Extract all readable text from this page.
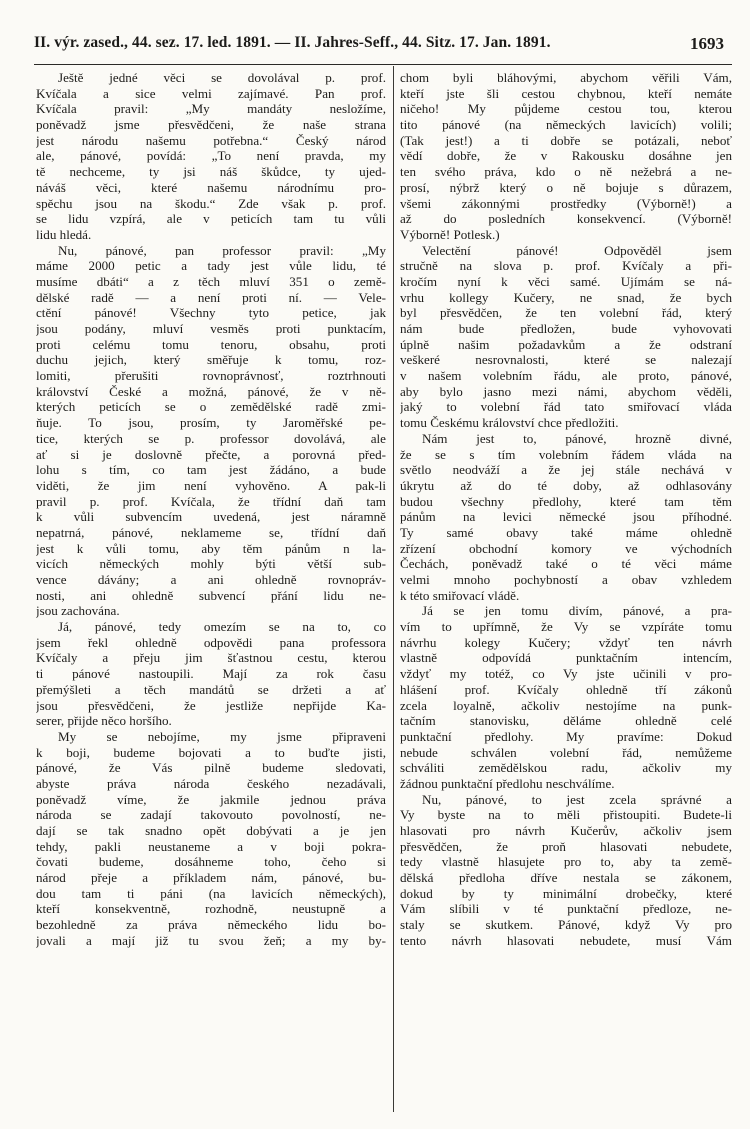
II. výr. zased., 44. sez. 17. led. 1891. — II. Jahres-Seff., 44. Sitz. 17. Jan. 1891.	1693
Ještě jedné věci se dovolával p. prof.
Kvíčala a sice velmi zajímavé. Pan prof.
Kvíčala pravil: „My mandáty nesložíme,
poněvadž jsme přesvědčeni, že naše strana
jest národu našemu potřebna.“ Český národ
ale, pánové, povídá: „To není pravda, my
tě nechceme, ty jsi náš škůdce, ty ujed-
náváš věci, které našemu národnímu pro-
spěchu jsou na škodu.“ Zde však p. prof.
se lidu vzpírá, ale v peticích tam tu vůli
lidu hledá.
Nu, pánové, pan professor pravil: „My
máme 2000 petic a tady jest vůle lidu, té
musíme dbáti“ a z těch mluví 351 o země-
dělské radě — a není proti ní. — Vele-
ctění pánové! Všechny tyto petice, jak
jsou podány, mluví vesměs proti punktacím,
proti celému tomu tenoru, obsahu, proti
duchu jejich, který směřuje k tomu, roz-
lomiti, přerušiti rovnoprávnosť, roztrhnouti
království České a možná, pánové, že v ně-
kterých peticích se o zemědělské radě zmi-
ňuje. To jsou, prosím, ty Jaroměřské pe-
tice, kterých se p. professor dovolává, ale
ať si je doslovně přečte, a porovná před-
lohu s tím, co tam jest žádáno, a bude
viděti, že jim není vyhověno. A pak-li
pravil p. prof. Kvíčala, že třídní daň tam
k vůli subvencím uvedená, jest náramně
nepatrná, pánové, neklameme se, třídní daň
jest k vůli tomu, aby těm pánům n la-
vicích německých mohly býti větší sub-
vence dávány; a ani ohledně rovnopráv-
nosti, ani ohledně subvencí přání lidu ne-
jsou zachována.
Já, pánové, tedy omezím se na to, co
jsem řekl ohledně odpovědi pana professora
Kvíčaly a přeju jim šťastnou cestu, kterou
ti pánové nastoupili. Mají za rok času
přemýšleti a těch mandátů se držeti a ať
jsou přesvědčeni, že jestliže nepřijde Ka-
serer, přijde něco horšího.
My se nebojíme, my jsme připraveni
k boji, budeme bojovati a to buďte jisti,
pánové, že Vás pilně budeme sledovati,
abyste práva národa českého nezadávali,
poněvadž víme, že jakmile jednou práva
národa se zadají takovouto povolností, ne-
dají se tak snadno opět dobývati a je jen
tehdy, pakli neustaneme a v boji pokra-
čovati budeme, dosáhneme toho, čeho si
národ přeje a příkladem nám, pánové, bu-
dou tam ti páni (na lavicích německých),
kteří konsekventně, rozhodně, neustupně a
bezohledně za práva německého lidu bo-
jovali a mají již tu svou žeň; a my by-
chom byli bláhovými, abychom věřili Vám,
kteří jste šli cestou chybnou, kteří nemáte
ničeho! My půjdeme cestou tou, kterou
tito pánové (na německých lavicích) volili;
(Tak jest!) a ti dobře se potázali, neboť
vědí dobře, že v Rakousku dosáhne jen
ten svého práva, kdo o ně nežebrá a ne-
prosí, nýbrž který o ně bojuje s důrazem,
všemi zákonnými prostředky (Výborně!) a
až do posledních konsekvencí. (Výborně!
Výborně! Potlesk.)
Velectění pánové! Odpověděl jsem
stručně na slova p. prof. Kvíčaly a při-
kročím nyní k věci samé. Ujímám se ná-
vrhu kollegy Kučery, ne snad, že bych
byl přesvědčen, že ten volební řád, který
nám bude předložen, bude vyhovovati
úplně našim požadavkům a že odstraní
veškeré nesrovnalosti, které se nalezají
v našem volebním řádu, ale proto, pánové,
aby bylo jasno mezi námi, abychom věděli,
jaký to volební řád tato smiřovací vláda
tomu Českému království chce předložiti.
Nám jest to, pánové, hrozně divné,
že se s tím volebním řádem vláda na
světlo neodváží a že jej stále nechává v
úkrytu až do té doby, až odhlasovány
budou všechny předlohy, které tam těm
pánům na levici německé jsou příhodné.
Ty samé obavy také máme ohledně
zřízení obchodní komory ve východních
Čechách, poněvadž také o té věci máme
velmi mnoho pochybností a obav vzhledem
k této smiřovací vládě.
Já se jen tomu divím, pánové, a pra-
vím to upřímně, že Vy se vzpíráte tomu
návrhu kolegy Kučery; vždyť ten návrh
vlastně odpovídá punktačním intencím,
vždyť my totéž, co Vy jste učinili v pro-
hlášení prof. Kvíčaly ohledně tří zákonů
zcela loyalně, ačkoliv nestojíme na punk-
tačním stanovisku, děláme ohledně celé
punktační předlohy. My pravíme: Dokud
nebude schválen volební řád, nemůžeme
schváliti zemědělskou radu, ačkoliv my
žádnou punktační předlohu neschválíme.
Nu, pánové, to jest zcela správné a
Vy byste na to měli přistoupiti. Budete-li
hlasovati pro návrh Kučerův, ačkoliv jsem
přesvědčen, že proň hlasovati nebudete,
tedy vlastně hlasujete pro to, aby ta země-
dělská předloha dříve nestala se zákonem,
dokud by ty minimální drobečky, které
Vám slíbili v té punktační předloze, ne-
staly se skutkem. Pánové, když Vy pro
tento návrh hlasovati nebudete, musí Vám
